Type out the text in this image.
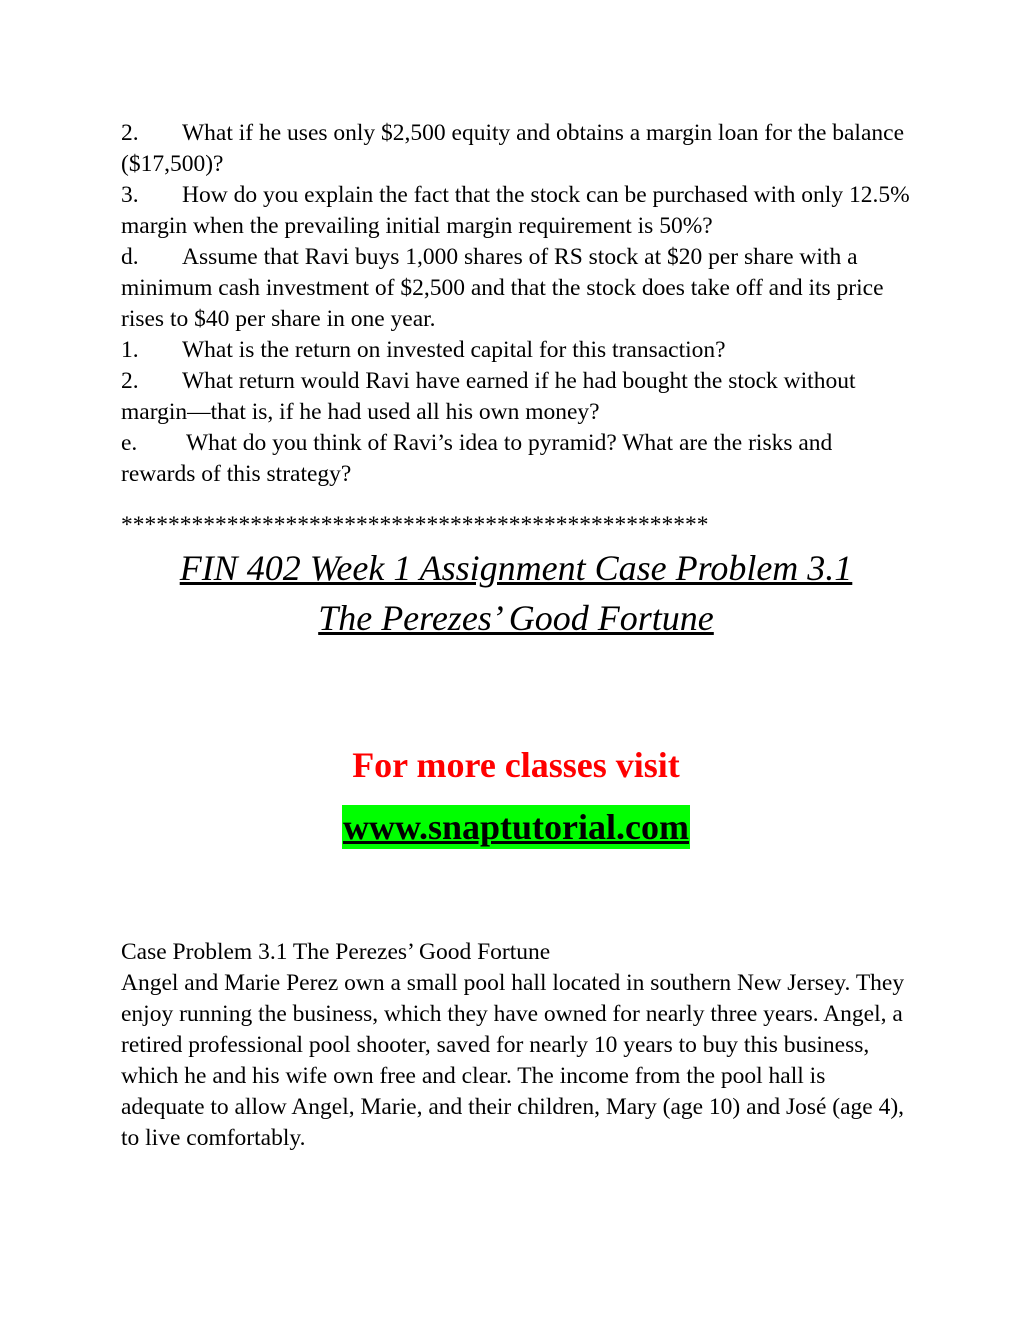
2. What if he uses only $2,500 equity and obtains a margin loan for the balance ($17,500)?
3. How do you explain the fact that the stock can be purchased with only 12.5% margin when the prevailing initial margin requirement is 50%?
d. Assume that Ravi buys 1,000 shares of RS stock at $20 per share with a minimum cash investment of $2,500 and that the stock does take off and its price rises to $40 per share in one year.
1. What is the return on invested capital for this transaction?
2. What return would Ravi have earned if he had bought the stock without margin—that is, if he had used all his own money?
e. What do you think of Ravi’s idea to pyramid? What are the risks and rewards of this strategy?
**************************************************
FIN 402 Week 1 Assignment Case Problem 3.1
The Perezes’ Good Fortune
For more classes visit
www.snaptutorial.com
Case Problem 3.1 The Perezes’ Good Fortune
Angel and Marie Perez own a small pool hall located in southern New Jersey. They enjoy running the business, which they have owned for nearly three years. Angel, a retired professional pool shooter, saved for nearly 10 years to buy this business, which he and his wife own free and clear. The income from the pool hall is adequate to allow Angel, Marie, and their children, Mary (age 10) and José (age 4), to live comfortably.
